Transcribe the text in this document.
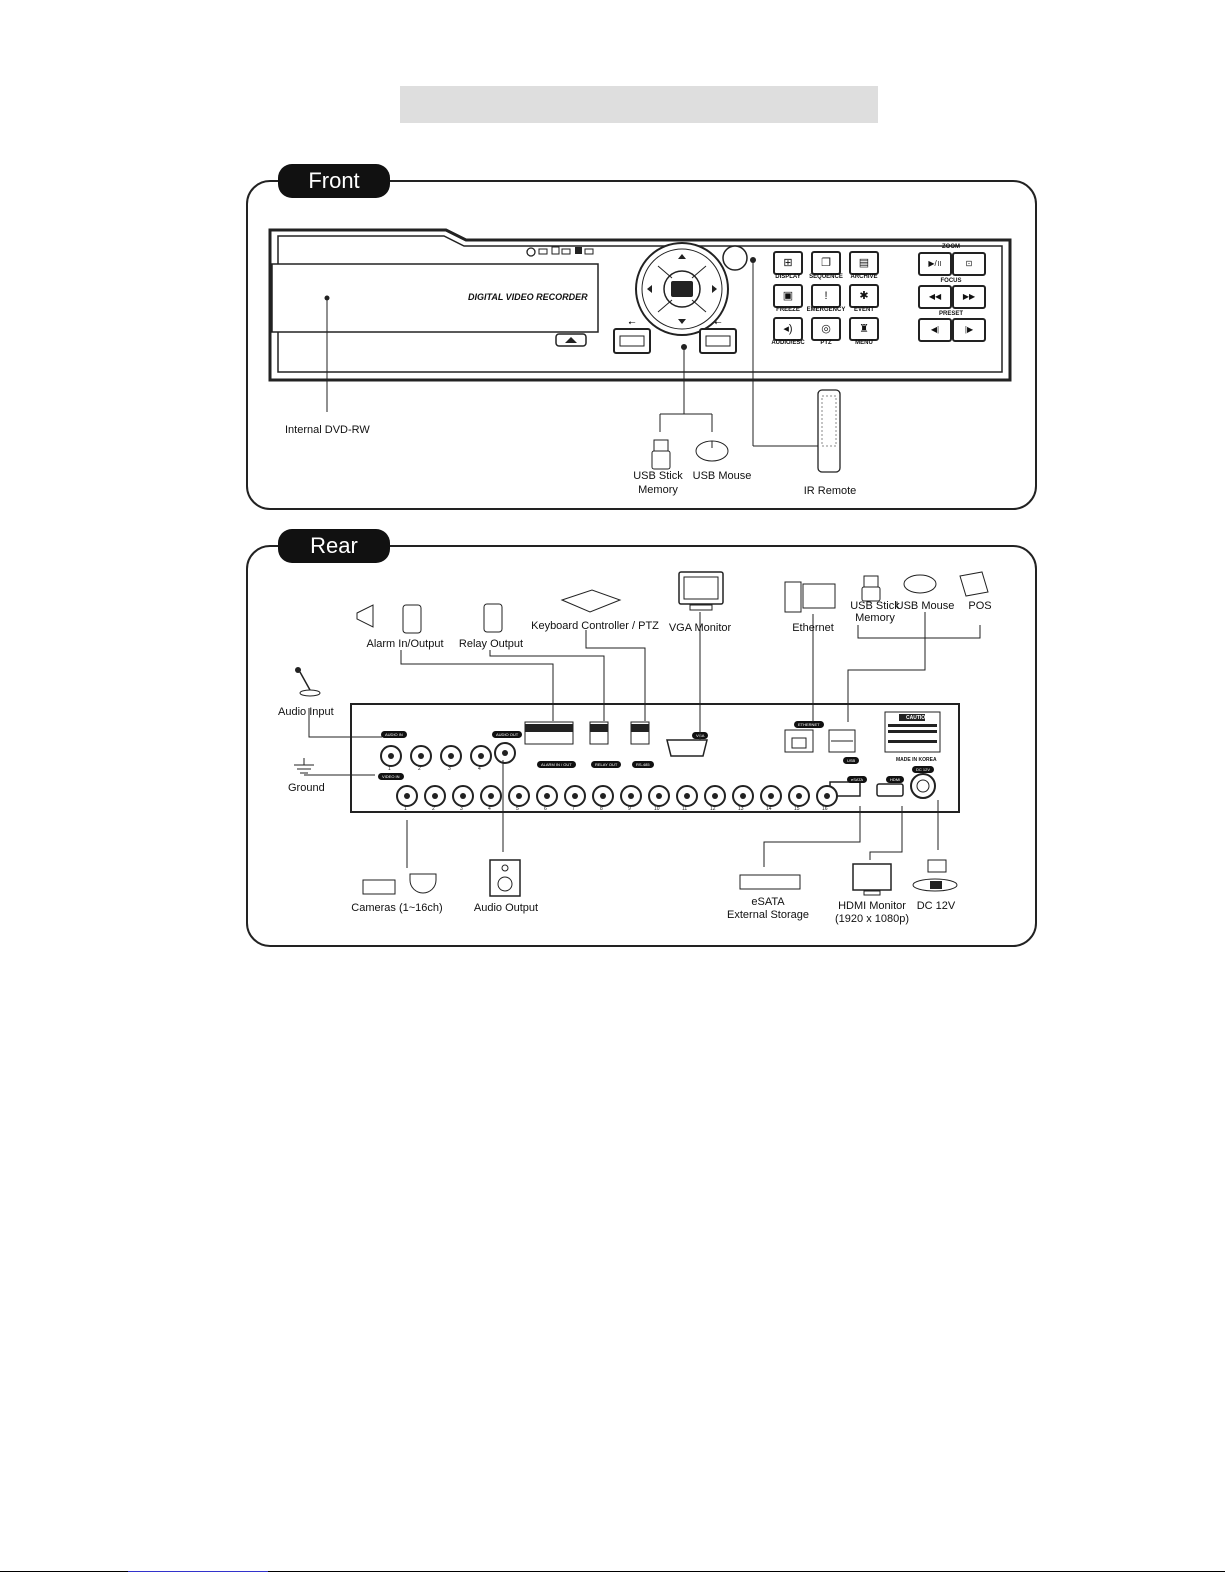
Front
⭠	⭠
DIGITAL VIDEO RECORDER
⊞	❐	▤
▣	!	✱
◂)	◎	♜
DISPLAY	SEQUENCE	ARCHIVE
FREEZE	EMERGENCY	EVENT
AUDIO/ESC	PTZ	MENU
ZOOM
▶/॥	⊡
FOCUS
◀◀	▶▶
PRESET
◀|	|▶
Internal DVD-RW
USB Stick
Memory
USB Mouse
IR Remote
Rear
AUDIO IN	AUDIO OUT
VIDEO IN
ALARM IN / OUT	RELAY OUT	RS-485
VGA
ETHERNET
USB
eSATA	HDMI
DC 12V
CAUTION
MADE IN KOREA
1	2	3	4
1	2	3	4	5	6	7	8	9	10	11	12	13	14	15	16
Alarm In/Output Relay Output
Keyboard Controller / PTZ VGA Monitor	Ethernet
USB Stick
Memory
USB Mouse POS
Audio Input
Ground
Cameras (1~16ch)	Audio Output	eSATA
External Storage
HDMI Monitor
(1920 x 1080p)
DC 12V
